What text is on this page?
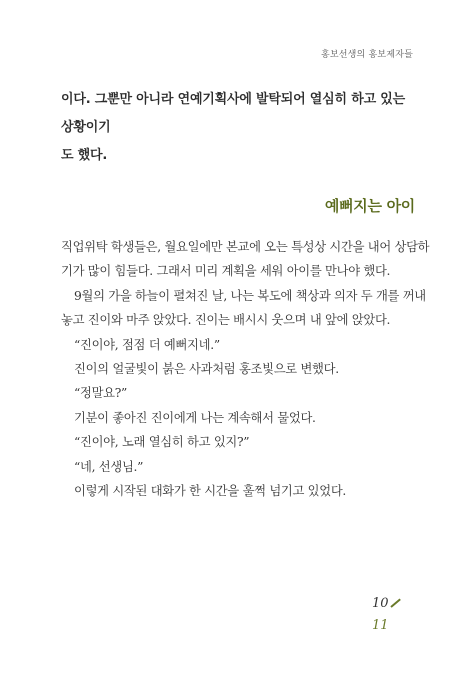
홍보선생의 홍보제자들

이다. 그뿐만 아니라 연예기획사에 발탁되어 열심히 하고 있는 상황이기

도 했다.

예뻐지는 아이

직업위탁 학생들은, 월요일에만 본교에 오는 특성상 시간을 내어 상담하

기가 많이 힘들다. 그래서 미리 계획을 세워 아이를 만나야 했다.

9월의 가을 하늘이 펼쳐진 날, 나는 복도에 책상과 의자 두 개를 꺼내

놓고 진이와 마주 앉았다. 진이는 배시시 웃으며 내 앞에 앉았다.

“진이야, 점점 더 예뻐지네.”

진이의 얼굴빛이 붉은 사과처럼 홍조빛으로 변했다.

“정말요?”

기분이 좋아진 진이에게 나는 계속해서 물었다.

“진이야, 노래 열심히 하고 있지?”

“네, 선생님.”

이렇게 시작된 대화가 한 시간을 훌쩍 넘기고 있었다.

10
11
